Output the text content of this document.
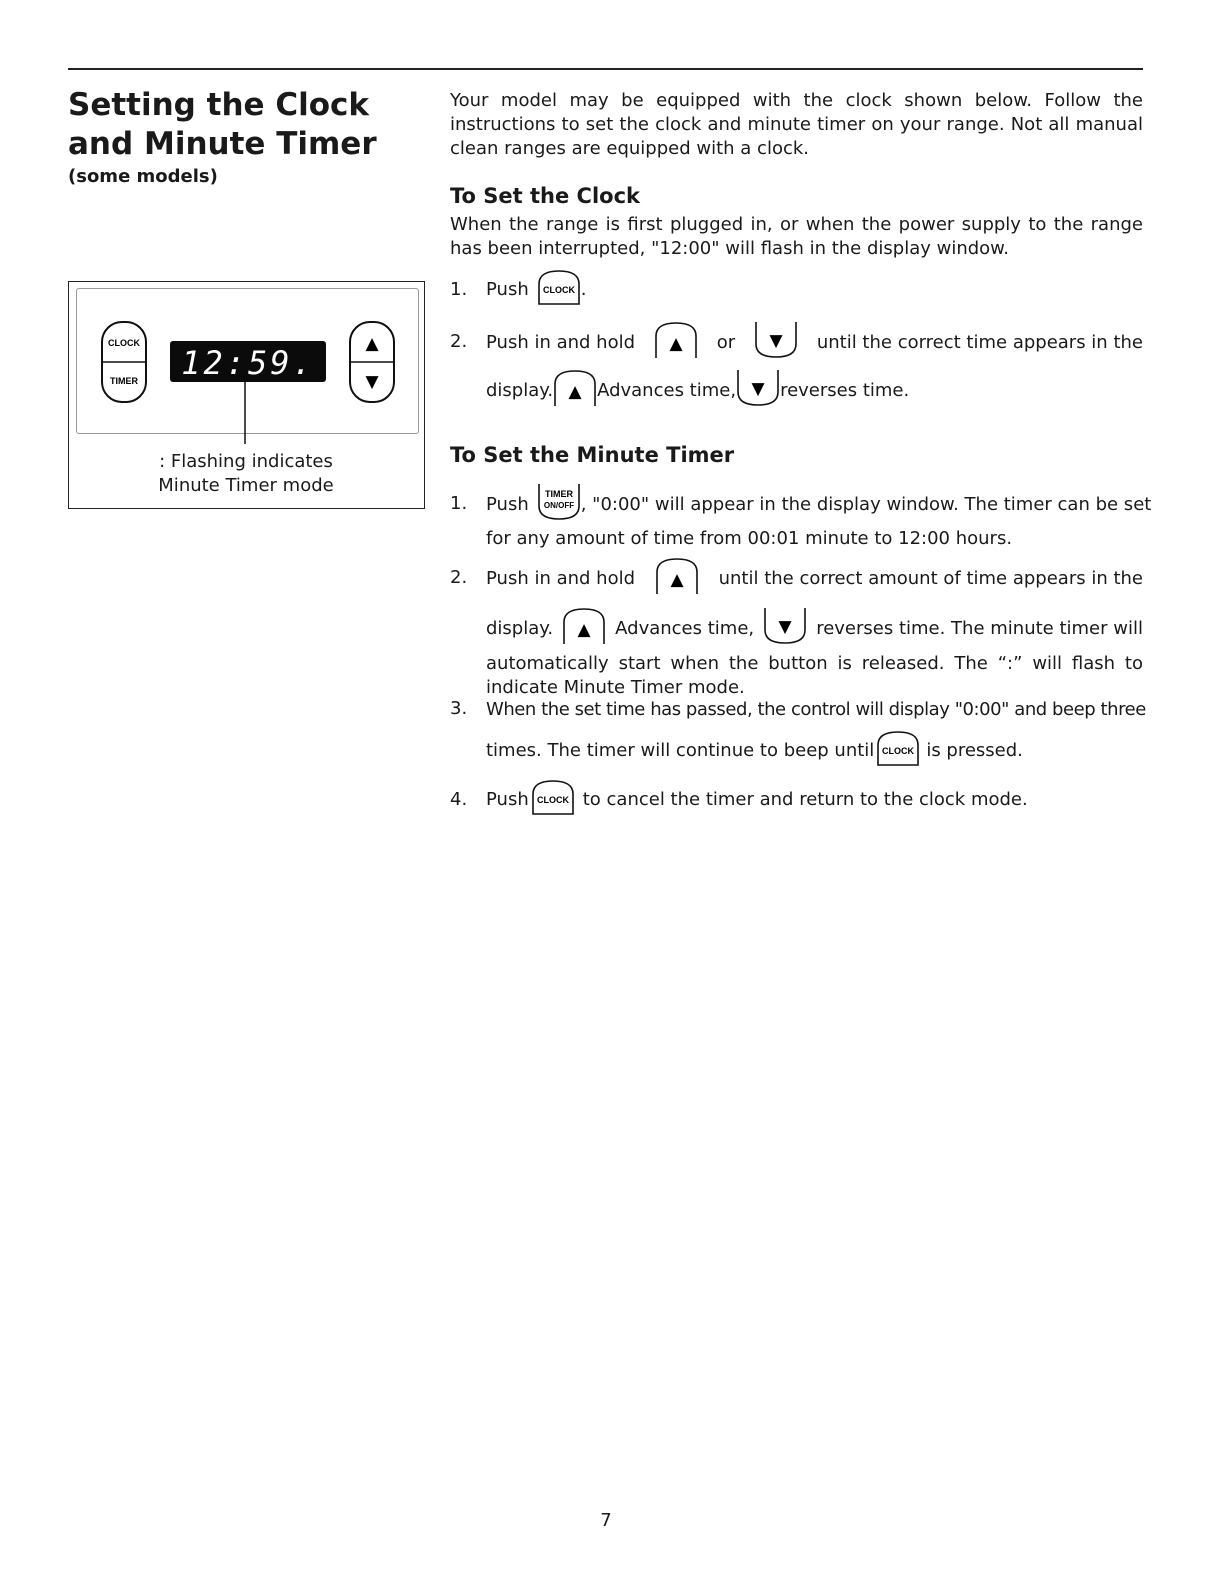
Setting the Clock and Minute Timer
(some models)
CLOCK
TIMER 12:59.	▲
▼
: Flashing indicates
Minute Timer mode
Your model may be equipped with the clock shown below. Follow the instructions to set the clock and minute timer on your range. Not all manual clean ranges are equipped with a clock.
To Set the Clock
When the range is first plugged in, or when the power supply to the range has been interrupted, "12:00" will flash in the display window.
1. Push CLOCK .
2. Push in and hold ▲ or ▼ until the correct time appears in the
display. ▲ Advances time, ▼ reverses time.
To Set the Minute Timer
1. Push TIMER
ON/OFF , "0:00" will appear in the display window. The timer can be set
for any amount of time from 00:01 minute to 12:00 hours.
2. Push in and hold ▲ until the correct amount of time appears in the
display. ▲ Advances time, ▼ reverses time. The minute timer will
automatically start when the button is released. The “:” will flash to indicate Minute Timer mode.
3. When the set time has passed, the control will display "0:00" and beep three
times. The timer will continue to beep until CLOCK is pressed.
4. Push CLOCK to cancel the timer and return to the clock mode.
7
